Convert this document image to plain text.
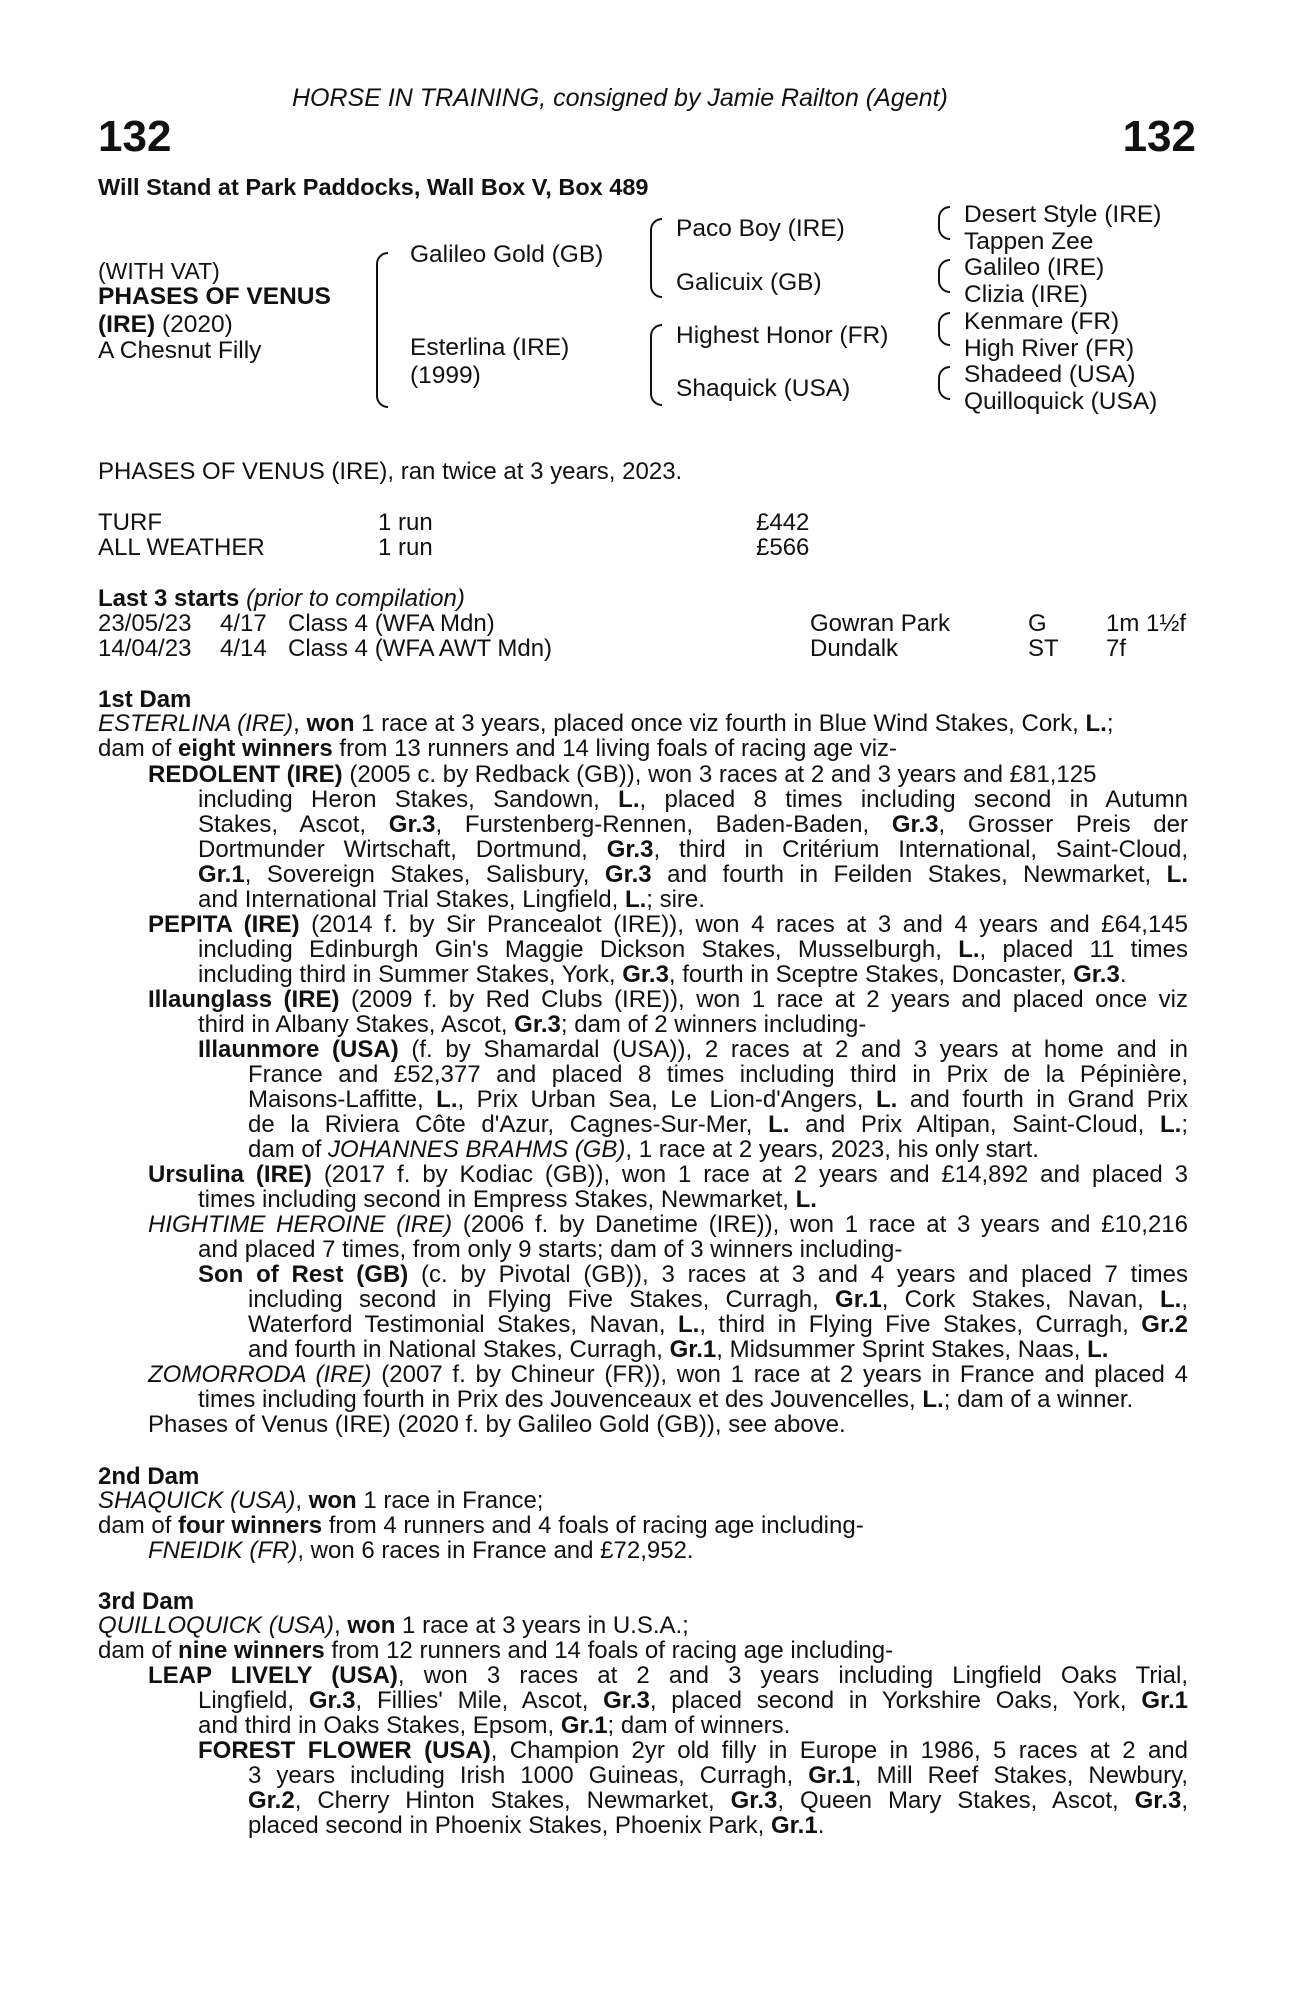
HORSE IN TRAINING, consigned by Jamie Railton (Agent)
132	132
Will Stand at Park Paddocks, Wall Box V, Box 489
(WITH VAT)
PHASES OF VENUS
(IRE) (2020)
A Chesnut Filly
Galileo Gold (GB)
Esterlina (IRE)
(1999)
Paco Boy (IRE)
Galicuix (GB)
Highest Honor (FR)
Shaquick (USA)
Desert Style (IRE)
Tappen Zee
Galileo (IRE)
Clizia (IRE)
Kenmare (FR)
High River (FR)
Shadeed (USA)
Quilloquick (USA)
PHASES OF VENUS (IRE), ran twice at 3 years, 2023.
TURF	1 run	£442
ALL WEATHER	1 run	£566
Last 3 starts (prior to compilation)
23/05/23 4/17 Class 4 (WFA Mdn)	Gowran Park	G 1m 1½f
14/04/23 4/14 Class 4 (WFA AWT Mdn)	Dundalk	ST 7f
1st Dam
ESTERLINA (IRE), won 1 race at 3 years, placed once viz fourth in Blue Wind Stakes, Cork, L.;
dam of eight winners from 13 runners and 14 living foals of racing age viz-
2nd Dam
SHAQUICK (USA), won 1 race in France;
dam of four winners from 4 runners and 4 foals of racing age including-
FNEIDIK (FR), won 6 races in France and £72,952.
3rd Dam
QUILLOQUICK (USA), won 1 race at 3 years in U.S.A.;
dam of nine winners from 12 runners and 14 foals of racing age including-
REDOLENT (IRE) (2005 c. by Redback (GB)), won 3 races at 2 and 3 years and £81,125
including Heron Stakes, Sandown, L., placed 8 times including second in Autumn
Stakes, Ascot, Gr.3, Furstenberg-Rennen, Baden-Baden, Gr.3, Grosser Preis der
Dortmunder Wirtschaft, Dortmund, Gr.3, third in Critérium International, Saint-Cloud,
Gr.1, Sovereign Stakes, Salisbury, Gr.3 and fourth in Feilden Stakes, Newmarket, L.
and International Trial Stakes, Lingfield, L.; sire.
PEPITA (IRE) (2014 f. by Sir Prancealot (IRE)), won 4 races at 3 and 4 years and £64,145
including Edinburgh Gin's Maggie Dickson Stakes, Musselburgh, L., placed 11 times
including third in Summer Stakes, York, Gr.3, fourth in Sceptre Stakes, Doncaster, Gr.3.
Illaunglass (IRE) (2009 f. by Red Clubs (IRE)), won 1 race at 2 years and placed once viz
third in Albany Stakes, Ascot, Gr.3; dam of 2 winners including-
Illaunmore (USA) (f. by Shamardal (USA)), 2 races at 2 and 3 years at home and in
France and £52,377 and placed 8 times including third in Prix de la Pépinière,
Maisons-Laffitte, L., Prix Urban Sea, Le Lion-d'Angers, L. and fourth in Grand Prix
de la Riviera Côte d'Azur, Cagnes-Sur-Mer, L. and Prix Altipan, Saint-Cloud, L.;
dam of JOHANNES BRAHMS (GB), 1 race at 2 years, 2023, his only start.
Ursulina (IRE) (2017 f. by Kodiac (GB)), won 1 race at 2 years and £14,892 and placed 3
times including second in Empress Stakes, Newmarket, L.
HIGHTIME HEROINE (IRE) (2006 f. by Danetime (IRE)), won 1 race at 3 years and £10,216
and placed 7 times, from only 9 starts; dam of 3 winners including-
Son of Rest (GB) (c. by Pivotal (GB)), 3 races at 3 and 4 years and placed 7 times
including second in Flying Five Stakes, Curragh, Gr.1, Cork Stakes, Navan, L.,
Waterford Testimonial Stakes, Navan, L., third in Flying Five Stakes, Curragh, Gr.2
and fourth in National Stakes, Curragh, Gr.1, Midsummer Sprint Stakes, Naas, L.
ZOMORRODA (IRE) (2007 f. by Chineur (FR)), won 1 race at 2 years in France and placed 4
times including fourth in Prix des Jouvenceaux et des Jouvencelles, L.; dam of a winner.
Phases of Venus (IRE) (2020 f. by Galileo Gold (GB)), see above.
LEAP LIVELY (USA), won 3 races at 2 and 3 years including Lingfield Oaks Trial,
Lingfield, Gr.3, Fillies' Mile, Ascot, Gr.3, placed second in Yorkshire Oaks, York, Gr.1
and third in Oaks Stakes, Epsom, Gr.1; dam of winners.
FOREST FLOWER (USA), Champion 2yr old filly in Europe in 1986, 5 races at 2 and
3 years including Irish 1000 Guineas, Curragh, Gr.1, Mill Reef Stakes, Newbury,
Gr.2, Cherry Hinton Stakes, Newmarket, Gr.3, Queen Mary Stakes, Ascot, Gr.3,
placed second in Phoenix Stakes, Phoenix Park, Gr.1.
